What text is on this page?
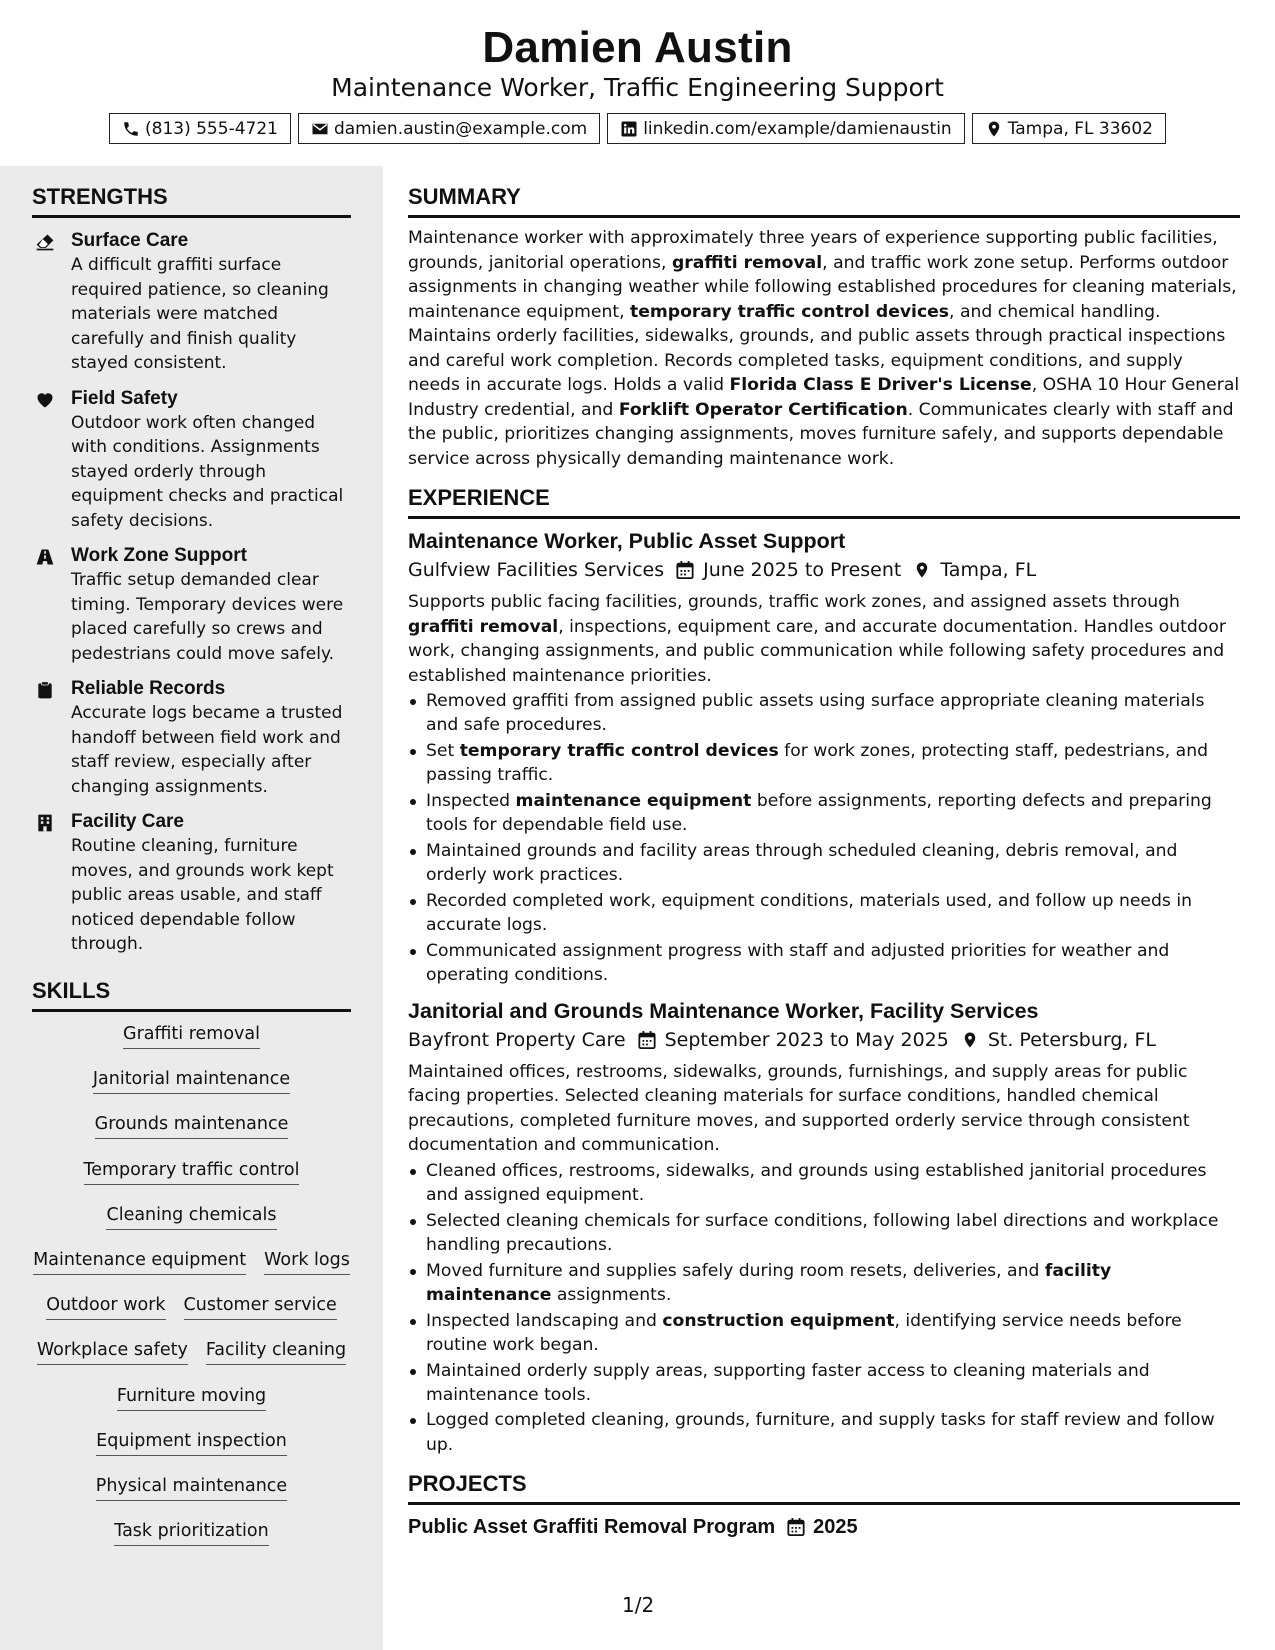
Damien Austin
Maintenance Worker, Traffic Engineering Support
(813) 555-4721	damien.austin@example.com	linkedin.com/example/damienaustin	Tampa, FL 33602
STRENGTHS
Surface Care
A difficult graffiti surface required patience, so cleaning materials were matched carefully and finish quality stayed consistent.
Field Safety
Outdoor work often changed with conditions. Assignments stayed orderly through equipment checks and practical safety decisions.
Work Zone Support
Traffic setup demanded clear timing. Temporary devices were placed carefully so crews and pedestrians could move safely.
Reliable Records
Accurate logs became a trusted handoff between field work and staff review, especially after changing assignments.
Facility Care
Routine cleaning, furniture moves, and grounds work kept public areas usable, and staff noticed dependable follow through.
SKILLS
Graffiti removal
Janitorial maintenance
Grounds maintenance
Temporary traffic control
Cleaning chemicals
Maintenance equipment Work logs
Outdoor work Customer service
Workplace safety Facility cleaning
Furniture moving
Equipment inspection
Physical maintenance
Task prioritization
SUMMARY
Maintenance worker with approximately three years of experience supporting public facilities, grounds, janitorial operations, graffiti removal, and traffic work zone setup. Performs outdoor assignments in changing weather while following established procedures for cleaning materials, maintenance equipment, temporary traffic control devices, and chemical handling. Maintains orderly facilities, sidewalks, grounds, and public assets through practical inspections and careful work completion. Records completed tasks, equipment conditions, and supply needs in accurate logs. Holds a valid Florida Class E Driver's License, OSHA 10 Hour General Industry credential, and Forklift Operator Certification. Communicates clearly with staff and the public, prioritizes changing assignments, moves furniture safely, and supports dependable service across physically demanding maintenance work.
EXPERIENCE
Maintenance Worker, Public Asset Support
Gulfview Facilities Services June 2025 to Present Tampa, FL
Supports public facing facilities, grounds, traffic work zones, and assigned assets through graffiti removal, inspections, equipment care, and accurate documentation. Handles outdoor work, changing assignments, and public communication while following safety procedures and established maintenance priorities.
Removed graffiti from assigned public assets using surface appropriate cleaning materials and safe procedures.
Set temporary traffic control devices for work zones, protecting staff, pedestrians, and passing traffic.
Inspected maintenance equipment before assignments, reporting defects and preparing tools for dependable field use.
Maintained grounds and facility areas through scheduled cleaning, debris removal, and orderly work practices.
Recorded completed work, equipment conditions, materials used, and follow up needs in accurate logs.
Communicated assignment progress with staff and adjusted priorities for weather and operating conditions.
Janitorial and Grounds Maintenance Worker, Facility Services
Bayfront Property Care September 2023 to May 2025 St. Petersburg, FL
Maintained offices, restrooms, sidewalks, grounds, furnishings, and supply areas for public facing properties. Selected cleaning materials for surface conditions, handled chemical precautions, completed furniture moves, and supported orderly service through consistent documentation and communication.
Cleaned offices, restrooms, sidewalks, and grounds using established janitorial procedures and assigned equipment.
Selected cleaning chemicals for surface conditions, following label directions and workplace handling precautions.
Moved furniture and supplies safely during room resets, deliveries, and facility maintenance assignments.
Inspected landscaping and construction equipment, identifying service needs before routine work began.
Maintained orderly supply areas, supporting faster access to cleaning materials and maintenance tools.
Logged completed cleaning, grounds, furniture, and supply tasks for staff review and follow up.
PROJECTS
Public Asset Graffiti Removal Program 2025
1/2
